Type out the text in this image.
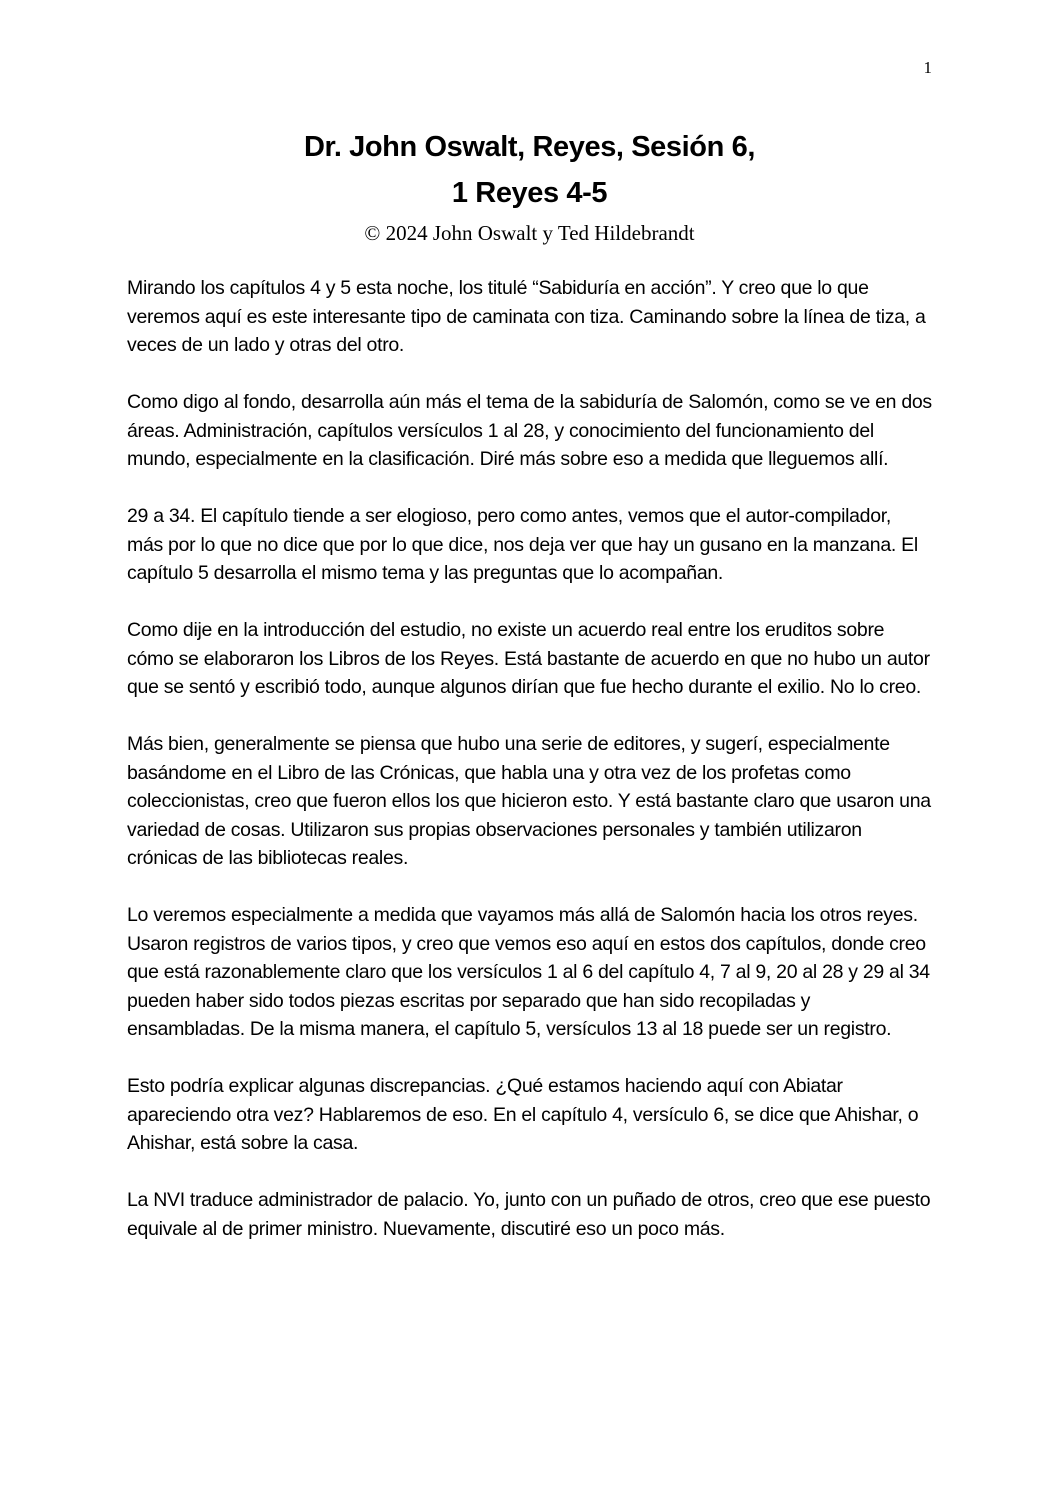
1
Dr. John Oswalt, Reyes, Sesión 6,
1 Reyes 4-5
© 2024 John Oswalt y Ted Hildebrandt

Mirando los capítulos 4 y 5 esta noche, los titulé “Sabiduría en acción”. Y creo que lo que veremos aquí es este interesante tipo de caminata con tiza. Caminando sobre la línea de tiza, a veces de un lado y otras del otro.

Como digo al fondo, desarrolla aún más el tema de la sabiduría de Salomón, como se ve en dos áreas. Administración, capítulos versículos 1 al 28, y conocimiento del funcionamiento del mundo, especialmente en la clasificación. Diré más sobre eso a medida que lleguemos allí.

29 a 34. El capítulo tiende a ser elogioso, pero como antes, vemos que el autor-compilador, más por lo que no dice que por lo que dice, nos deja ver que hay un gusano en la manzana. El capítulo 5 desarrolla el mismo tema y las preguntas que lo acompañan.

Como dije en la introducción del estudio, no existe un acuerdo real entre los eruditos sobre cómo se elaboraron los Libros de los Reyes. Está bastante de acuerdo en que no hubo un autor que se sentó y escribió todo, aunque algunos dirían que fue hecho durante el exilio. No lo creo.

Más bien, generalmente se piensa que hubo una serie de editores, y sugerí, especialmente basándome en el Libro de las Crónicas, que habla una y otra vez de los profetas como coleccionistas, creo que fueron ellos los que hicieron esto. Y está bastante claro que usaron una variedad de cosas. Utilizaron sus propias observaciones personales y también utilizaron crónicas de las bibliotecas reales.

Lo veremos especialmente a medida que vayamos más allá de Salomón hacia los otros reyes. Usaron registros de varios tipos, y creo que vemos eso aquí en estos dos capítulos, donde creo que está razonablemente claro que los versículos 1 al 6 del capítulo 4, 7 al 9, 20 al 28 y 29 al 34 pueden haber sido todos piezas escritas por separado que han sido recopiladas y ensambladas. De la misma manera, el capítulo 5, versículos 13 al 18 puede ser un registro.

Esto podría explicar algunas discrepancias. ¿Qué estamos haciendo aquí con Abiatar apareciendo otra vez? Hablaremos de eso. En el capítulo 4, versículo 6, se dice que Ahishar, o Ahishar, está sobre la casa.

La NVI traduce administrador de palacio. Yo, junto con un puñado de otros, creo que ese puesto equivale al de primer ministro. Nuevamente, discutiré eso un poco más.
